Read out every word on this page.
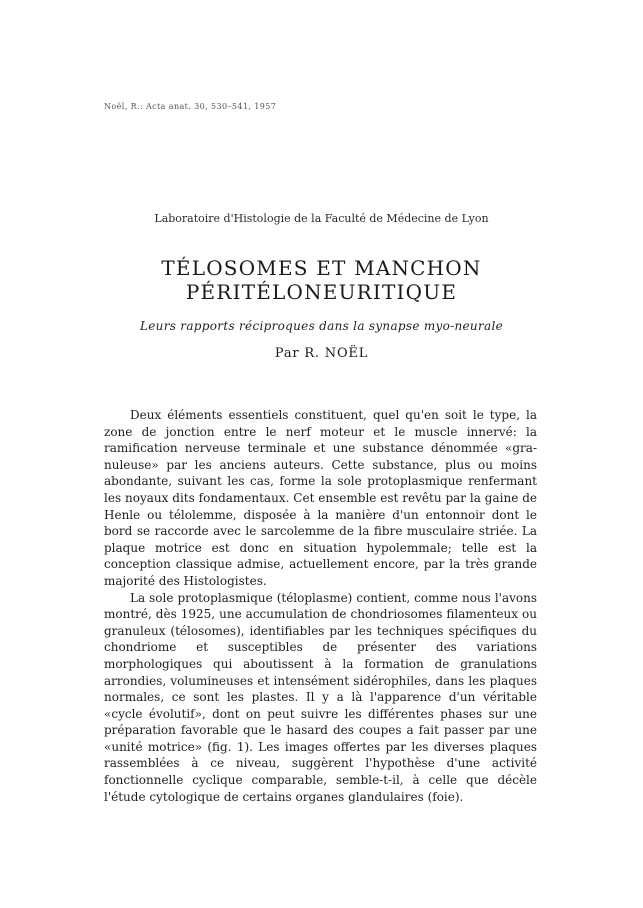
Noël, R.: Acta anat. 30, 530–541, 1957
Laboratoire d'Histologie de la Faculté de Médecine de Lyon
TÉLOSOMES ET MANCHON
PÉRITÉLONEURITIQUE
Leurs rapports réciproques dans la synapse myo-neurale
Par R. NOËL

Deux éléments essentiels constituent, quel qu'en soit le type, la zone de jonction entre le nerf moteur et le muscle innervé: la ramification nerveuse terminale et une substance dénommée «granuleuse» par les anciens auteurs. Cette substance, plus ou moins abondante, suivant les cas, forme la sole protoplasmique renfermant les noyaux dits fondamentaux. Cet ensemble est revêtu par la gaine de Henle ou télolemme, disposée à la manière d'un entonnoir dont le bord se raccorde avec le sarcolemme de la fibre musculaire striée. La plaque motrice est donc en situation hypolemmale; telle est la conception classique admise, actuellement encore, par la très grande majorité des Histologistes.

La sole protoplasmique (téloplasme) contient, comme nous l'avons montré, dès 1925, une accumulation de chondriosomes filamenteux ou granuleux (télosomes), identifiables par les techniques spécifiques du chondriome et susceptibles de présenter des variations morphologiques qui aboutissent à la formation de granulations arrondies, volumineuses et intensément sidérophiles, dans les plaques normales, ce sont les plastes. Il y a là l'apparence d'un véritable «cycle évolutif», dont on peut suivre les différentes phases sur une préparation favorable que le hasard des coupes a fait passer par une «unité motrice» (fig. 1). Les images offertes par les diverses plaques rassemblées à ce niveau, suggèrent l'hypothèse d'une activité fonctionnelle cyclique comparable, semble-t-il, à celle que décèle l'étude cytologique de certains organes glandulaires (foie).
